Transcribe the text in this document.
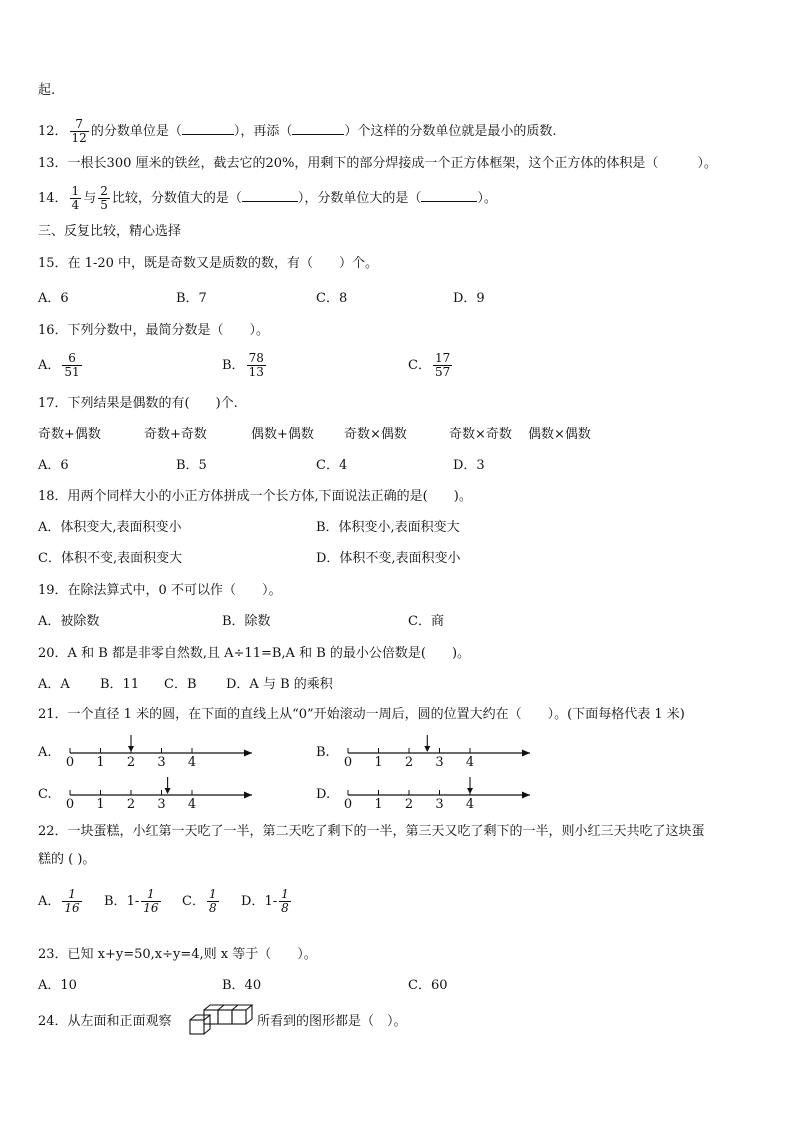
起.
12． $\frac{7}{12}$ 的分数单位是（	），再添（	）个这样的分数单位就是最小的质数.
13．一根长300 厘米的铁丝，截去它的20%，用剩下的部分焊接成一个正方体框架，这个正方体的体积是（　　　）。
14． $\frac{1}{4}$ 与 $\frac{2}{5}$ 比较，分数值大的是（	），分数单位大的是（	）。
三、反复比较，精心选择
15．在 1-20 中，既是奇数又是质数的数，有（　　）个。
A．6	B．7	C．8	D．9
16．下列分数中，最简分数是（　　）。
A． $\frac{6}{51}$	B． $\frac{78}{13}$	C． $\frac{17}{57}$
17．下列结果是偶数的有(　　)个.
奇数+偶数	奇数+奇数	偶数+偶数 奇数×偶数	奇数×奇数 偶数×偶数
A．6	B．5	C．4	D．3
18．用两个同样大小的小正方体拼成一个长方体,下面说法正确的是(　　)。
A．体积变大,表面积变小	B．体积变小,表面积变大
C．体积不变,表面积变大	D．体积不变,表面积变小
19．在除法算式中，0 不可以作（　　）。
A．被除数	B．除数	C．商
20．A 和 B 都是非零自然数,且 A÷11=B,A 和 B 的最小公倍数是(　　)。
A．A B．11 C．B D．A 与 B 的乘积
21．一个直径 1 米的圆，在下面的直线上从“0”开始滚动一周后，圆的位置大约在（　　）。(下面每格代表 1 米)
A.
0 1 2 3 4
B.
0 1 2 3 4
C.
0 1 2 3 4
D.
0 1 2 3 4
22．一块蛋糕，小红第一天吃了一半，第二天吃了剩下的一半，第三天又吃了剩下的一半，则小红三天共吃了这块蛋
糕的 ( )。
A． $\frac{1}{16}$ B．$1- \frac{1}{16}$ C． $\frac{1}{8}$ D．$1- \frac{1}{8}$
23．已知 x+y=50,x÷y=4,则 x 等于（　　）。
A．10	B．40	C．60
24．从左面和正面观察	所看到的图形都是（　）。
